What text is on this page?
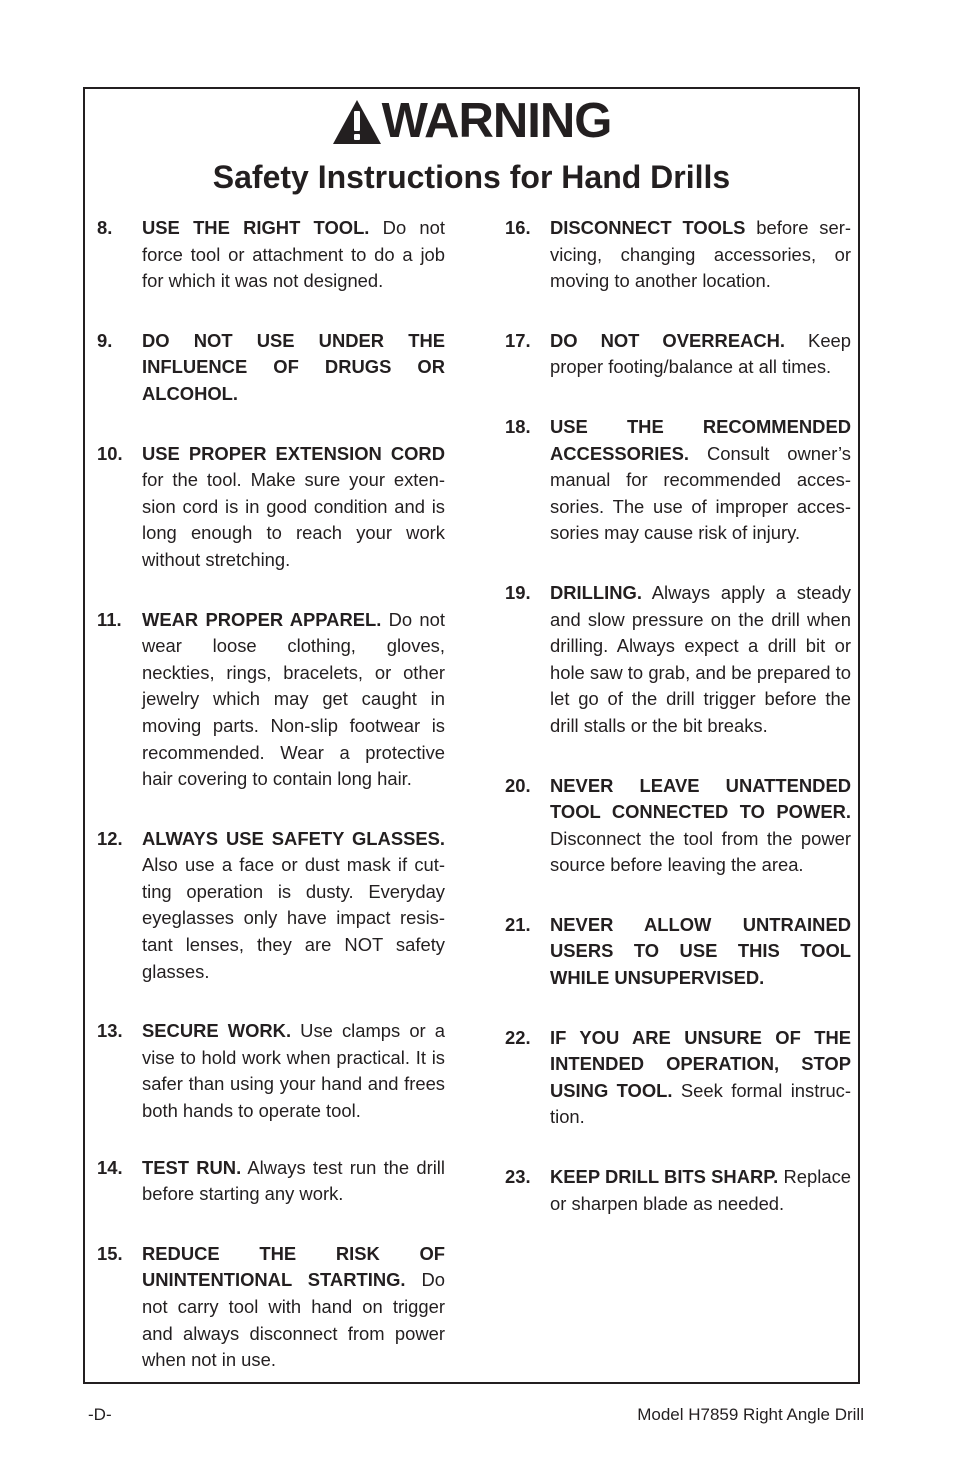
WARNING
Safety Instructions for Hand Drills
8.	USE THE RIGHT TOOL. Do not force tool or attachment to do a job for which it was not designed.
9.	DO NOT USE UNDER THE INFLUENCE OF DRUGS OR ALCOHOL.
10.	USE PROPER EXTENSION CORD for the tool. Make sure your exten-sion cord is in good condition and is long enough to reach your work without stretching.
11.	WEAR PROPER APPAREL. Do not wear loose clothing, gloves, neckties, rings, bracelets, or other jewelry which may get caught in moving parts. Non-slip footwear is recommended. Wear a protective hair covering to contain long hair.
12.	ALWAYS USE SAFETY GLASSES. Also use a face or dust mask if cut-ting operation is dusty. Everyday eyeglasses only have impact resis-tant lenses, they are NOT safety glasses.
13.	SECURE WORK. Use clamps or a vise to hold work when practical. It is safer than using your hand and frees both hands to operate tool.
14.	TEST RUN. Always test run the drill before starting any work.
15.	REDUCE THE RISK OF UNINTENTIONAL STARTING. Do not carry tool with hand on trigger and always disconnect from power when not in use.
16.	DISCONNECT TOOLS before ser-vicing, changing accessories, or moving to another location.
17.	DO NOT OVERREACH. Keep proper footing/balance at all times.
18.	USE THE RECOMMENDED ACCESSORIES. Consult owner’s manual for recommended acces-sories. The use of improper acces-sories may cause risk of injury.
19.	DRILLING. Always apply a steady and slow pressure on the drill when drilling. Always expect a drill bit or hole saw to grab, and be prepared to let go of the drill trigger before the drill stalls or the bit breaks.
20.	NEVER LEAVE UNATTENDED TOOL CONNECTED TO POWER. Disconnect the tool from the power source before leaving the area.
21.	NEVER ALLOW UNTRAINED USERS TO USE THIS TOOL WHILE UNSUPERVISED.
22.	IF YOU ARE UNSURE OF THE INTENDED OPERATION, STOP USING TOOL. Seek formal instruc-tion.
23.	KEEP DRILL BITS SHARP. Replace or sharpen blade as needed.
-D-	Model H7859 Right Angle Drill
